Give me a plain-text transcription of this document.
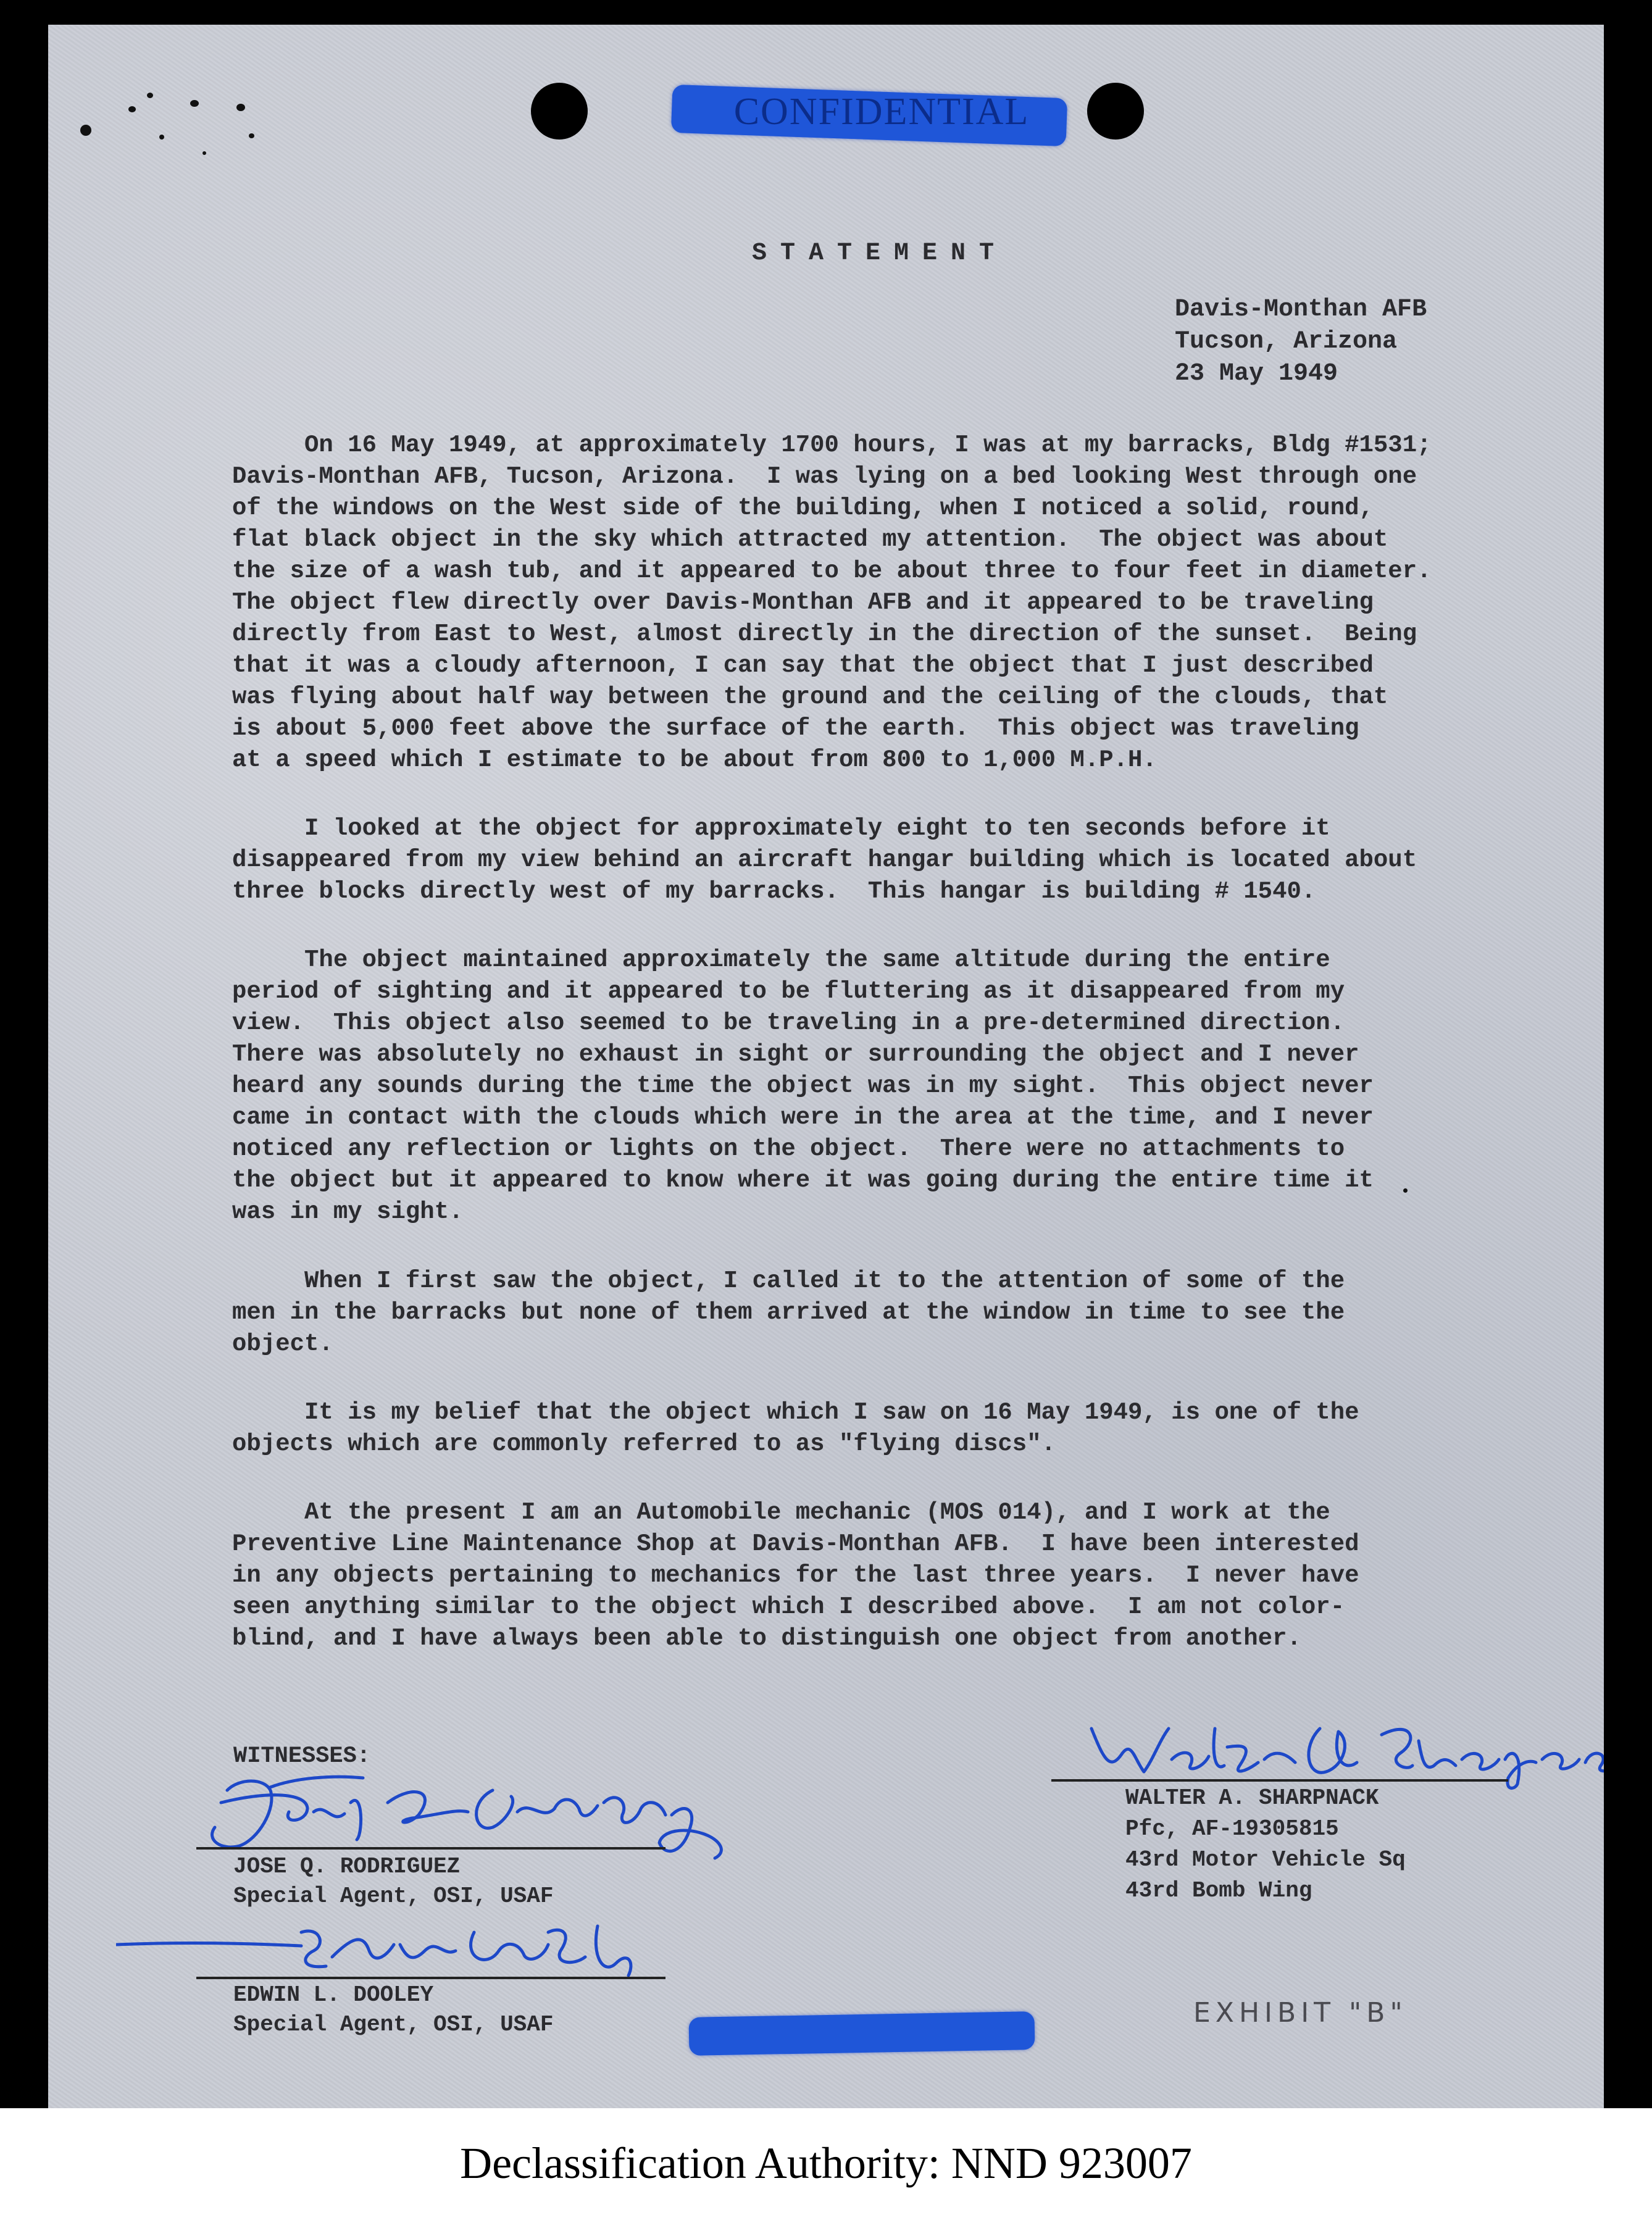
CONFIDENTIAL

STATEMENT

Davis-Monthan AFB
Tucson, Arizona
23 May 1949

On 16 May 1949, at approximately 1700 hours, I was at my barracks, Bldg #1531;
Davis-Monthan AFB, Tucson, Arizona.  I was lying on a bed looking West through one
of the windows on the West side of the building, when I noticed a solid, round,
flat black object in the sky which attracted my attention.  The object was about
the size of a wash tub, and it appeared to be about three to four feet in diameter.
The object flew directly over Davis-Monthan AFB and it appeared to be traveling
directly from East to West, almost directly in the direction of the sunset.  Being
that it was a cloudy afternoon, I can say that the object that I just described
was flying about half way between the ground and the ceiling of the clouds, that
is about 5,000 feet above the surface of the earth.  This object was traveling
at a speed which I estimate to be about from 800 to 1,000 M.P.H.

I looked at the object for approximately eight to ten seconds before it
disappeared from my view behind an aircraft hangar building which is located about
three blocks directly west of my barracks.  This hangar is building # 1540.

The object maintained approximately the same altitude during the entire
period of sighting and it appeared to be fluttering as it disappeared from my
view.  This object also seemed to be traveling in a pre-determined direction.
There was absolutely no exhaust in sight or surrounding the object and I never
heard any sounds during the time the object was in my sight.  This object never
came in contact with the clouds which were in the area at the time, and I never
noticed any reflection or lights on the object.  There were no attachments to
the object but it appeared to know where it was going during the entire time it
was in my sight.

When I first saw the object, I called it to the attention of some of the
men in the barracks but none of them arrived at the window in time to see the
object.

It is my belief that the object which I saw on 16 May 1949, is one of the
objects which are commonly referred to as "flying discs".

At the present I am an Automobile mechanic (MOS 014), and I work at the
Preventive Line Maintenance Shop at Davis-Monthan AFB.  I have been interested
in any objects pertaining to mechanics for the last three years.  I never have
seen anything similar to the object which I described above.  I am not color-
blind, and I have always been able to distinguish one object from another.

WITNESSES:

JOSE Q. RODRIGUEZ
Special Agent, OSI, USAF

EDWIN L. DOOLEY
Special Agent, OSI, USAF

WALTER A. SHARPNACK
Pfc, AF-19305815
43rd Motor Vehicle Sq
43rd Bomb Wing

EXHIBIT "B"
Declassification Authority: NND 923007
